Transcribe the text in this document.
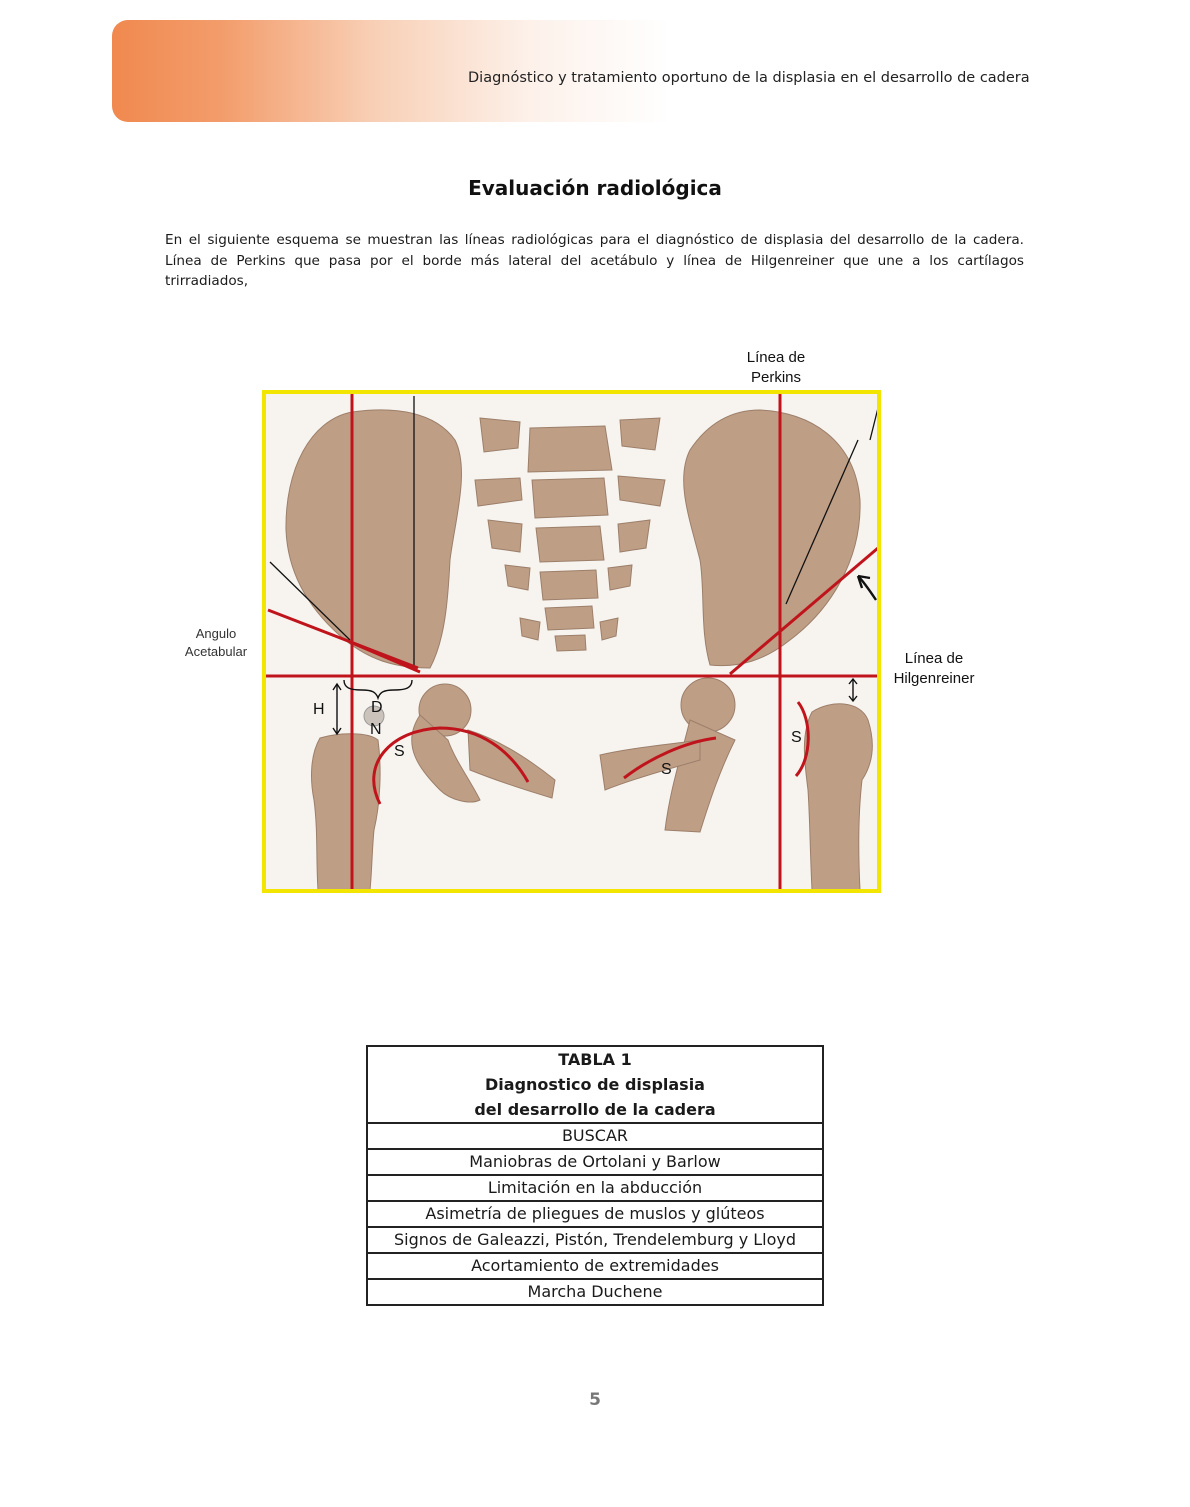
Diagnóstico y tratamiento oportuno de la displasia en el desarrollo de cadera
Evaluación radiológica
En el siguiente esquema se muestran las líneas radiológicas para el diagnóstico de displasia del desarrollo de la cadera.
Línea de Perkins que pasa por el borde más lateral del acetábulo y línea de Hilgenreiner que une a los cartílagos
trirradiados,
Línea de
Perkins
Línea de
Hilgenreiner
Angulo
Acetabular
H	D
N
S
S
S
TABLA 1
Diagnostico de displasia
del desarrollo de la cadera

BUSCAR
Maniobras de Ortolani y Barlow
Limitación en la abducción
Asimetría de pliegues de muslos y glúteos
Signos de Galeazzi, Pistón, Trendelemburg y Lloyd
Acortamiento de extremidades
Marcha Duchene
5
